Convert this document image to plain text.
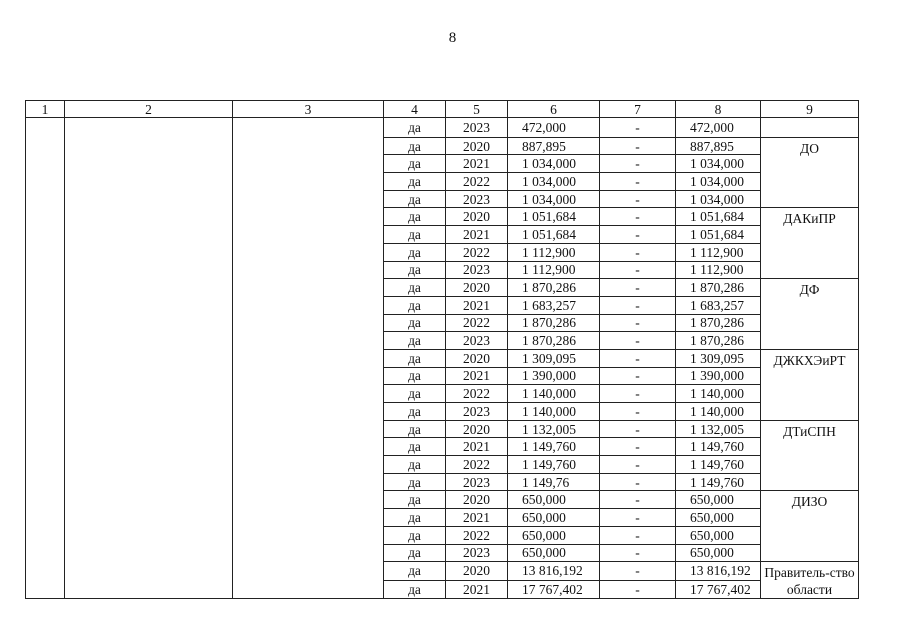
8
1	2	3	4	5	6	7	8	9
			да	2023	472,000	-	472,000	
			да	2020	887,895	-	887,895	ДО
			да	2021	1 034,000	-	1 034,000	
			да	2022	1 034,000	-	1 034,000	
			да	2023	1 034,000	-	1 034,000	
			да	2020	1 051,684	-	1 051,684	ДАКиПР
			да	2021	1 051,684	-	1 051,684	
			да	2022	1 112,900	-	1 112,900	
			да	2023	1 112,900	-	1 112,900	
			да	2020	1 870,286	-	1 870,286	ДФ
			да	2021	1 683,257	-	1 683,257	
			да	2022	1 870,286	-	1 870,286	
			да	2023	1 870,286	-	1 870,286	
			да	2020	1 309,095	-	1 309,095	ДЖКХЭиРТ
			да	2021	1 390,000	-	1 390,000	
			да	2022	1 140,000	-	1 140,000	
			да	2023	1 140,000	-	1 140,000	
			да	2020	1 132,005	-	1 132,005	ДТиСПН
			да	2021	1 149,760	-	1 149,760	
			да	2022	1 149,760	-	1 149,760	
			да	2023	1 149,76	-	1 149,760	
			да	2020	650,000	-	650,000	ДИЗО
			да	2021	650,000	-	650,000	
			да	2022	650,000	-	650,000	
			да	2023	650,000	-	650,000	
			да	2020	13 816,192	-	13 816,192	Правитель-ство области
			да	2021	17 767,402	-	17 767,402	
